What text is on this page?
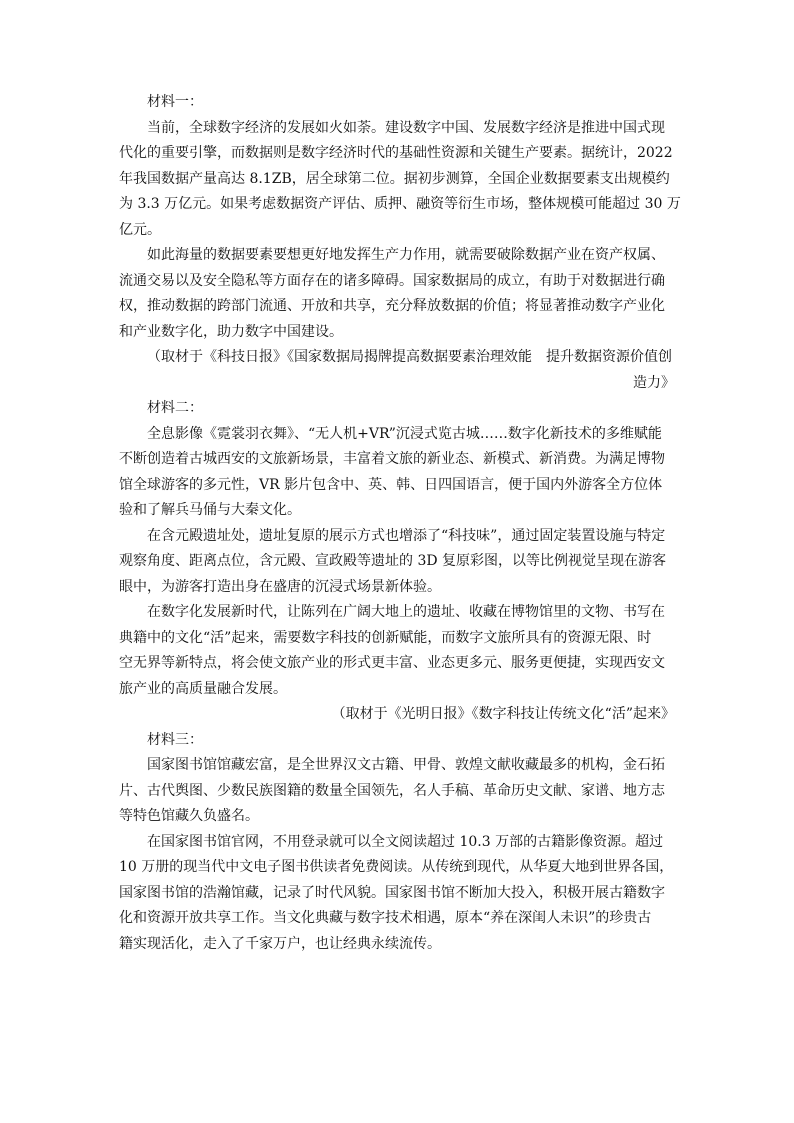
材料一：
当前，全球数字经济的发展如火如荼。建设数字中国、发展数字经济是推进中国式现
代化的重要引擎，而数据则是数字经济时代的基础性资源和关键生产要素。据统计，2022
年我国数据产量高达 8.1ZB，居全球第二位。据初步测算，全国企业数据要素支出规模约
为 3.3 万亿元。如果考虑数据资产评估、质押、融资等衍生市场，整体规模可能超过 30 万
亿元。
如此海量的数据要素要想更好地发挥生产力作用，就需要破除数据产业在资产权属、
流通交易以及安全隐私等方面存在的诸多障碍。国家数据局的成立，有助于对数据进行确
权，推动数据的跨部门流通、开放和共享，充分释放数据的价值；将显著推动数字产业化
和产业数字化，助力数字中国建设。
（取材于《科技日报》《国家数据局揭牌提高数据要素治理效能　提升数据资源价值创
造力》
材料二：
全息影像《霓裳羽衣舞》、“无人机+VR”沉浸式览古城……数字化新技术的多维赋能
不断创造着古城西安的文旅新场景，丰富着文旅的新业态、新模式、新消费。为满足博物
馆全球游客的多元性，VR 影片包含中、英、韩、日四国语言，便于国内外游客全方位体
验和了解兵马俑与大秦文化。
在含元殿遗址处，遗址复原的展示方式也增添了“科技味”，通过固定装置设施与特定
观察角度、距离点位，含元殿、宣政殿等遗址的 3D 复原彩图，以等比例视觉呈现在游客
眼中，为游客打造出身在盛唐的沉浸式场景新体验。
在数字化发展新时代，让陈列在广阔大地上的遗址、收藏在博物馆里的文物、书写在
典籍中的文化“活”起来，需要数字科技的创新赋能，而数字文旅所具有的资源无限、时
空无界等新特点，将会使文旅产业的形式更丰富、业态更多元、服务更便捷，实现西安文
旅产业的高质量融合发展。
（取材于《光明日报》《数字科技让传统文化“活”起来》
材料三：
国家图书馆馆藏宏富，是全世界汉文古籍、甲骨、敦煌文献收藏最多的机构，金石拓
片、古代舆图、少数民族图籍的数量全国领先，名人手稿、革命历史文献、家谱、地方志
等特色馆藏久负盛名。
在国家图书馆官网，不用登录就可以全文阅读超过 10.3 万部的古籍影像资源。超过
10 万册的现当代中文电子图书供读者免费阅读。从传统到现代，从华夏大地到世界各国，
国家图书馆的浩瀚馆藏，记录了时代风貌。国家图书馆不断加大投入，积极开展古籍数字
化和资源开放共享工作。当文化典藏与数字技术相遇，原本“养在深闺人未识”的珍贵古
籍实现活化，走入了千家万户，也让经典永续流传。
